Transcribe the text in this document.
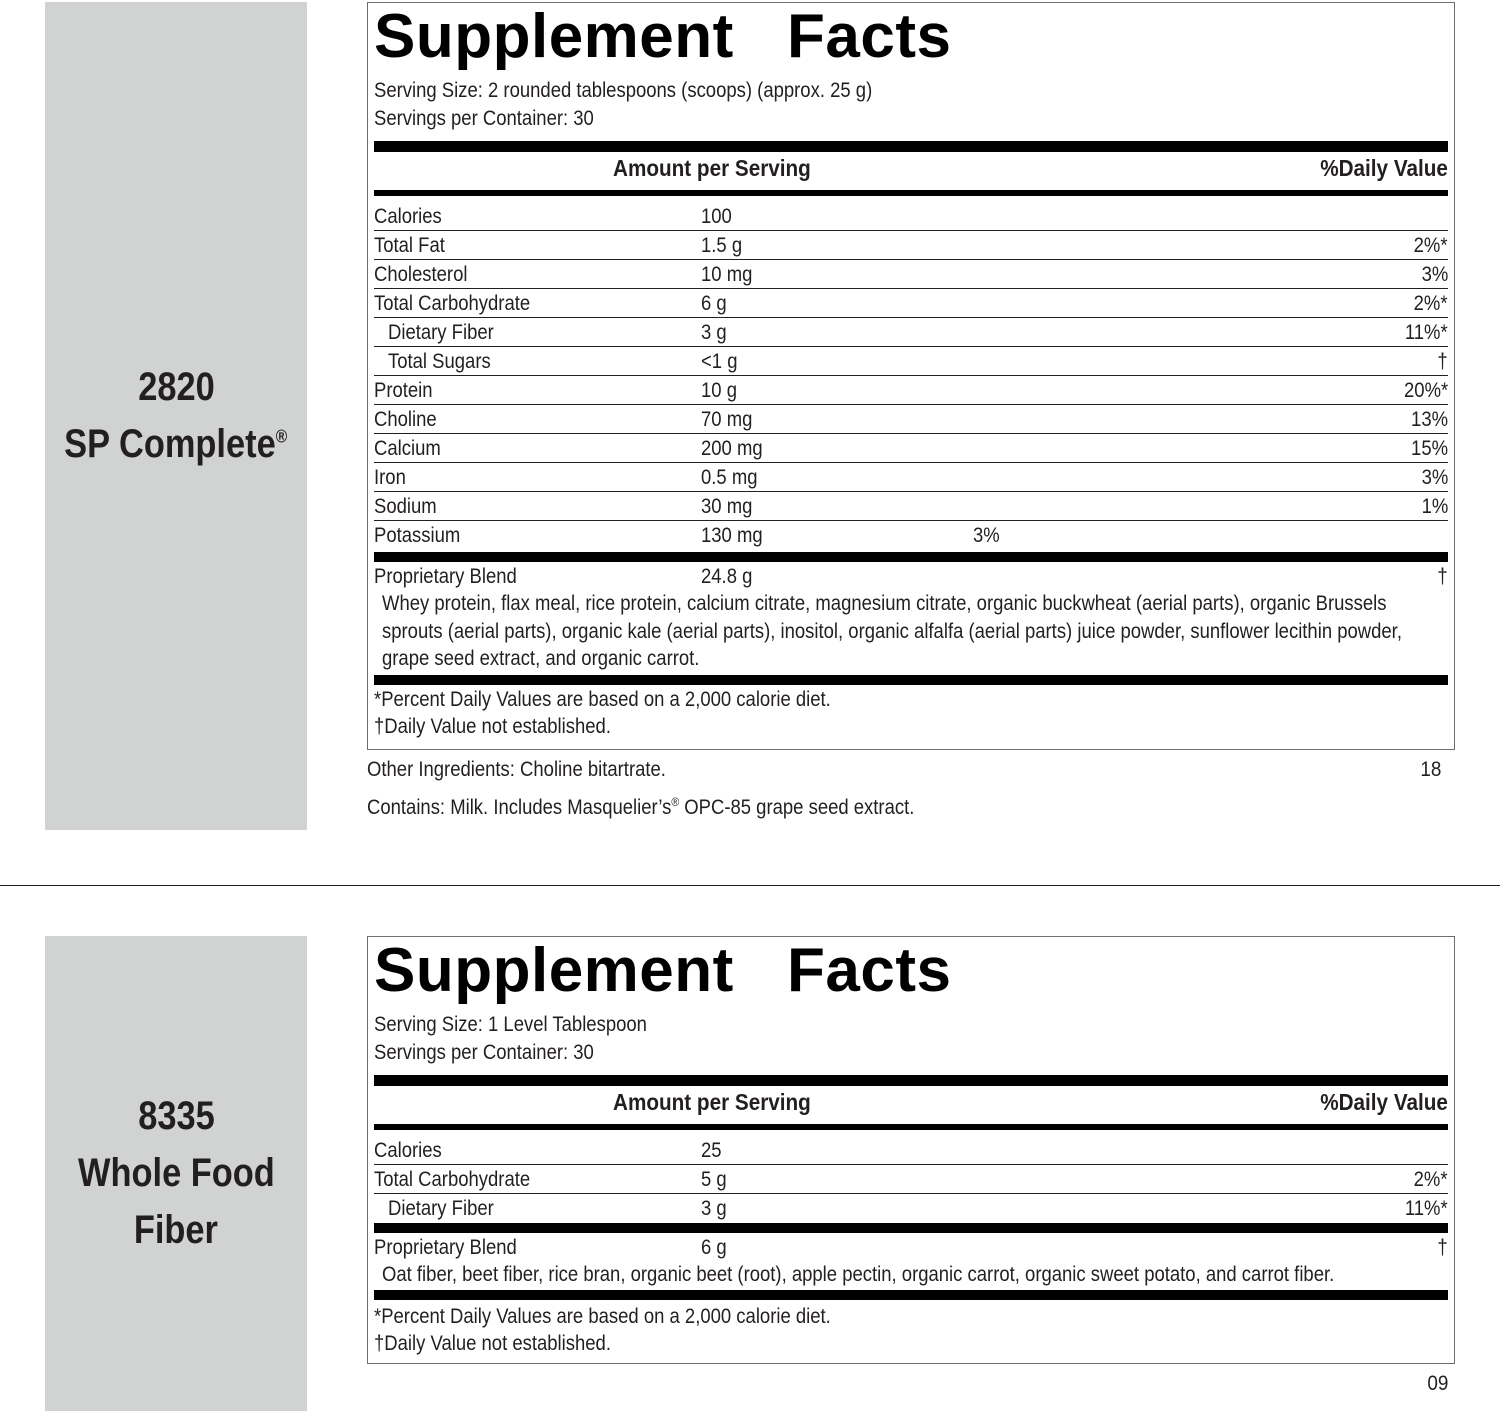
2820
SP Complete®
Supplement Facts
Serving Size: 2 rounded tablespoons (scoops) (approx. 25 g)
Servings per Container: 30
Amount per Serving	%Daily Value
Calories	100
Total Fat	1.5 g	2%*
Cholesterol	10 mg	3%
Total Carbohydrate	6 g	2%*
Dietary Fiber	3 g	11%*
Total Sugars	<1 g	†
Protein	10 g	20%*
Choline	70 mg	13%
Calcium	200 mg	15%
Iron	0.5 mg	3%
Sodium	30 mg	1%
Potassium	130 mg	3%
Proprietary Blend	24.8 g	†
Whey protein, flax meal, rice protein, calcium citrate, magnesium citrate, organic buckwheat (aerial parts), organic Brussels sprouts (aerial parts), organic kale (aerial parts), inositol, organic alfalfa (aerial parts) juice powder, sunflower lecithin powder, grape seed extract, and organic carrot.
*Percent Daily Values are based on a 2,000 calorie diet.
†Daily Value not established.
Other Ingredients: Choline bitartrate.	18
Contains: Milk. Includes Masquelier’s® OPC-85 grape seed extract.
8335
Whole Food
Fiber
Supplement Facts
Serving Size: 1 Level Tablespoon
Servings per Container: 30
Amount per Serving	%Daily Value
Calories	25
Total Carbohydrate	5 g	2%*
Dietary Fiber	3 g	11%*
Proprietary Blend	6 g	†
Oat fiber, beet fiber, rice bran, organic beet (root), apple pectin, organic carrot, organic sweet potato, and carrot fiber.
*Percent Daily Values are based on a 2,000 calorie diet.
†Daily Value not established.
09
